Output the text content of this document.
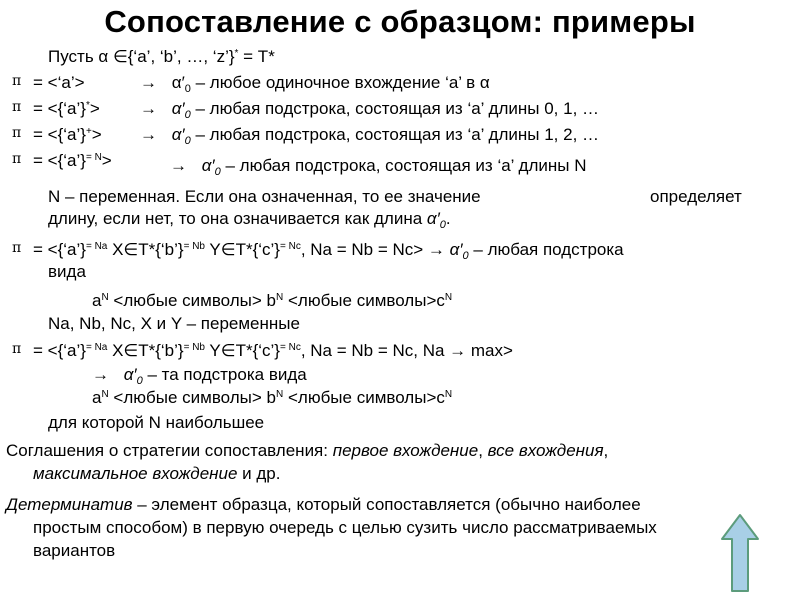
Сопоставление с образцом: примеры
Пусть α ∈{‘a’, ‘b’, …, ‘z’}* = T*
π = <‘a’>	→ $\alpha'_0$ – любое одиночное вхождение ‘a’ в α
π = <{‘a’}*> → $\alpha'_0$ – любая подстрока, состоящая из ‘a’ длины 0, 1, …
π = <{‘a’}+> → $\alpha'_0$ – любая подстрока, состоящая из ‘a’ длины 1, 2, …
π = <{‘a’}$^{= N}$>	→ $\alpha'_0$ – любая подстрока, состоящая из ‘a’ длины N
N – переменная. Если она означенная, то ее значение	определяет
длину, если нет, то она означивается как длина $\alpha'_0$.
π = <{‘a’}$^{= Na}$ X∈T*{‘b’}$^{= Nb}$ Y∈T*{‘c’}$^{= Nc}$, $Na = Nb = Nc> \to \alpha'_0$ – любая подстрока
вида
$a^N$ <любые символы> $b^N$ <любые $символы>c^N$
Na, Nb, Nc, X и Y – переменные
π = <{‘a’}$^{= Na}$ X∈T*{‘b’}$^{= Nb}$ Y∈T*{‘c’}$^{= Nc}$, Na = Nb = Nc, Na → max>
→ $\alpha'_0$ – та подстрока вида
$a^N$ <любые символы> $b^N$ <любые $символы>c^N$
для которой N наибольшее
Соглашения о стратегии сопоставления: первое вхождение, все вхождения,
максимальное вхождение и др.
Детерминатив – элемент образца, который сопоставляется (обычно наиболее
простым способом) в первую очередь с целью сузить число рассматриваемых
вариантов
